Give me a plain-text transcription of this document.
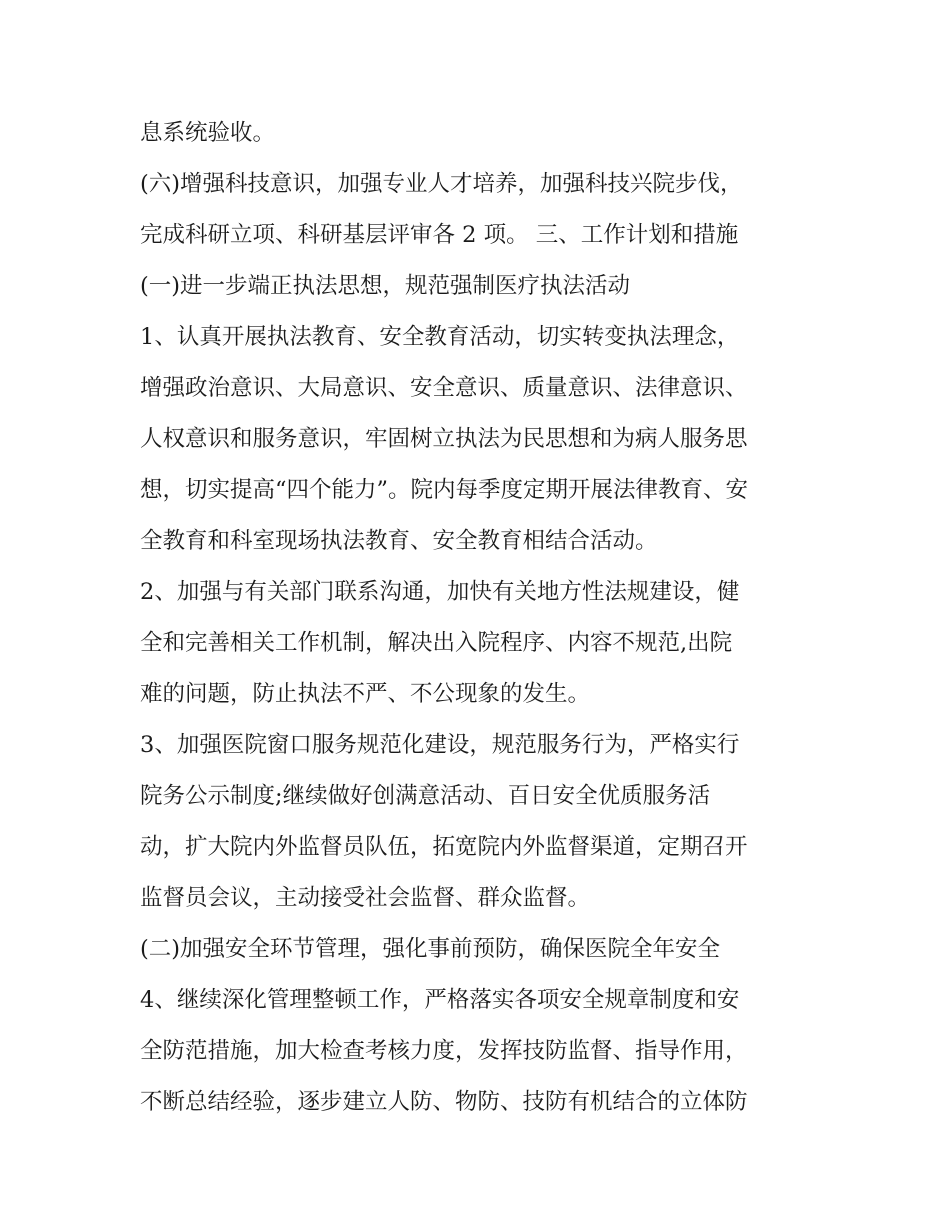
息系统验收。
(六)增强科技意识，加强专业人才培养，加强科技兴院步伐，
完成科研立项、科研基层评审各 2 项。 三、工作计划和措施
(一)进一步端正执法思想，规范强制医疗执法活动
1、认真开展执法教育、安全教育活动，切实转变执法理念，
增强政治意识、大局意识、安全意识、质量意识、法律意识、
人权意识和服务意识，牢固树立执法为民思想和为病人服务思
想，切实提高“四个能力”。院内每季度定期开展法律教育、安
全教育和科室现场执法教育、安全教育相结合活动。
2、加强与有关部门联系沟通，加快有关地方性法规建设，健
全和完善相关工作机制，解决出入院程序、内容不规范,出院
难的问题，防止执法不严、不公现象的发生。
3、加强医院窗口服务规范化建设，规范服务行为，严格实行
院务公示制度;继续做好创满意活动、百日安全优质服务活
动，扩大院内外监督员队伍，拓宽院内外监督渠道，定期召开
监督员会议，主动接受社会监督、群众监督。
(二)加强安全环节管理，强化事前预防，确保医院全年安全
4、继续深化管理整顿工作，严格落实各项安全规章制度和安
全防范措施，加大检查考核力度，发挥技防监督、指导作用，
不断总结经验，逐步建立人防、物防、技防有机结合的立体防
